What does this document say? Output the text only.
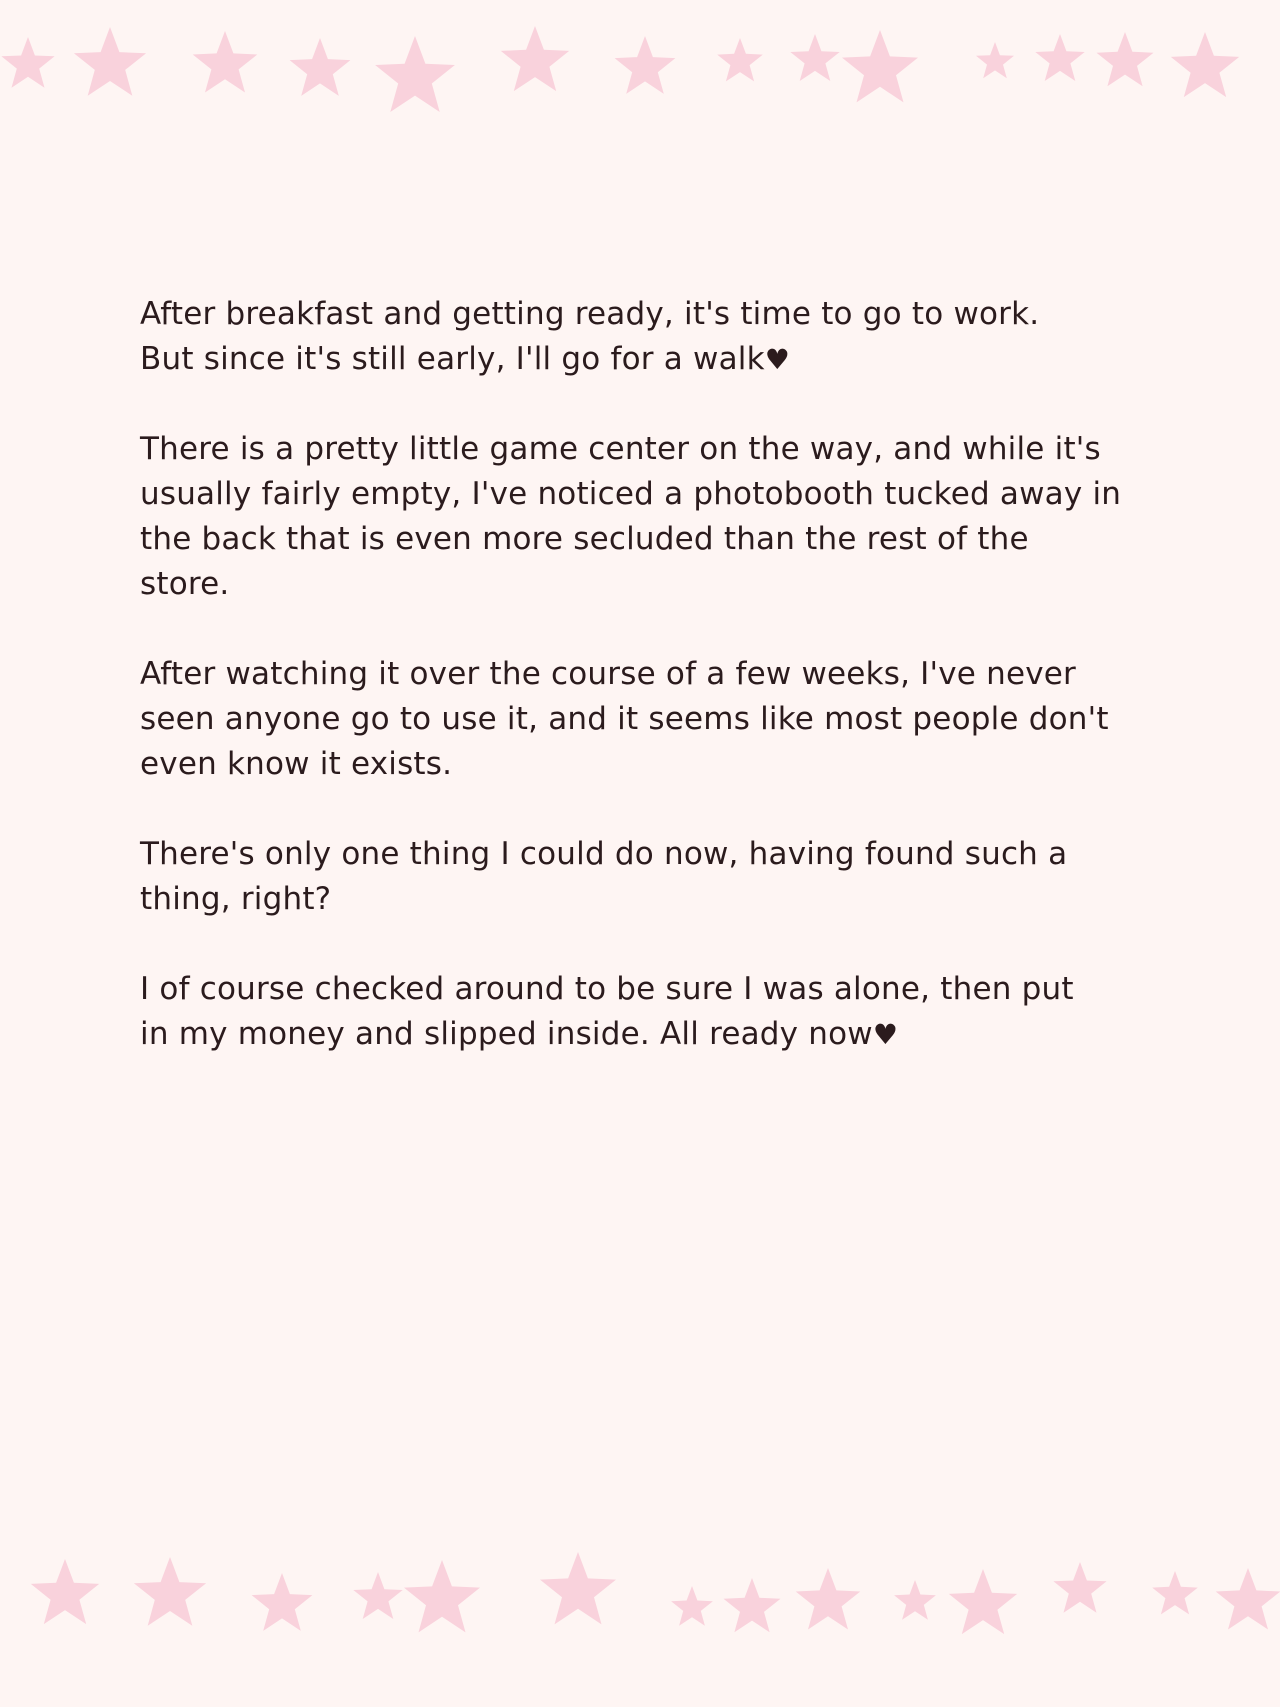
After breakfast and getting ready, it's time to go to work.
But since it's still early, I'll go for a walk♥

There is a pretty little game center on the way, and while it's
usually fairly empty, I've noticed a photobooth tucked away in
the back that is even more secluded than the rest of the
store.

After watching it over the course of a few weeks, I've never
seen anyone go to use it, and it seems like most people don't
even know it exists.

There's only one thing I could do now, having found such a
thing, right?

I of course checked around to be sure I was alone, then put
in my money and slipped inside. All ready now♥
